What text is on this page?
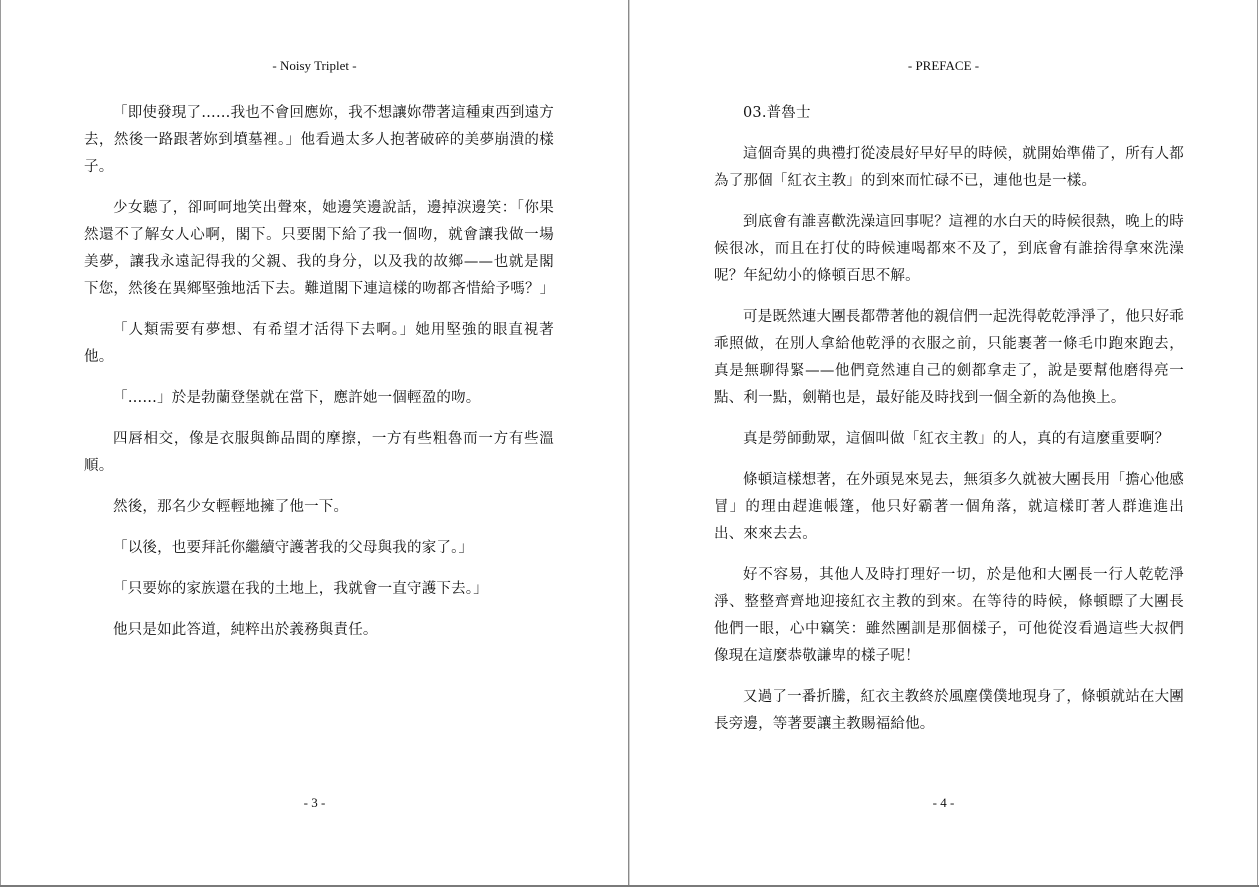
- Noisy Triplet -

「即使發現了……我也不會回應妳，我不想讓妳帶著這種東西到遠方去，然後一路跟著妳到墳墓裡。」他看過太多人抱著破碎的美夢崩潰的樣子。

少女聽了，卻呵呵地笑出聲來，她邊笑邊說話，邊掉淚邊笑：「你果然還不了解女人心啊，閣下。只要閣下給了我一個吻，就會讓我做一場美夢，讓我永遠記得我的父親、我的身分，以及我的故鄉——也就是閣下您，然後在異鄉堅強地活下去。難道閣下連這樣的吻都吝惜給予嗎？」

「人類需要有夢想、有希望才活得下去啊。」她用堅強的眼直視著他。

「……」於是勃蘭登堡就在當下，應許她一個輕盈的吻。

四唇相交，像是衣服與飾品間的摩擦，一方有些粗魯而一方有些溫順。

然後，那名少女輕輕地擁了他一下。

「以後，也要拜託你繼續守護著我的父母與我的家了。」

「只要妳的家族還在我的土地上，我就會一直守護下去。」

他只是如此答道，純粹出於義務與責任。

- 3 -
- PREFACE -

03.普魯士

這個奇異的典禮打從凌晨好早好早的時候，就開始準備了，所有人都為了那個「紅衣主教」的到來而忙碌不已，連他也是一樣。

到底會有誰喜歡洗澡這回事呢？這裡的水白天的時候很熱，晚上的時候很冰，而且在打仗的時候連喝都來不及了，到底會有誰捨得拿來洗澡呢？年紀幼小的條頓百思不解。

可是既然連大團長都帶著他的親信們一起洗得乾乾淨淨了，他只好乖乖照做，在別人拿給他乾淨的衣服之前，只能裹著一條毛巾跑來跑去，真是無聊得緊——他們竟然連自己的劍都拿走了，說是要幫他磨得亮一點、利一點，劍鞘也是，最好能及時找到一個全新的為他換上。

真是勞師動眾，這個叫做「紅衣主教」的人，真的有這麼重要啊？

條頓這樣想著，在外頭晃來晃去，無須多久就被大團長用「擔心他感冒」的理由趕進帳篷，他只好霸著一個角落，就這樣盯著人群進進出出、來來去去。

好不容易，其他人及時打理好一切，於是他和大團長一行人乾乾淨淨、整整齊齊地迎接紅衣主教的到來。在等待的時候，條頓瞟了大團長他們一眼，心中竊笑：雖然團訓是那個樣子，可他從沒看過這些大叔們像現在這麼恭敬謙卑的樣子呢！

又過了一番折騰，紅衣主教終於風塵僕僕地現身了，條頓就站在大團長旁邊，等著要讓主教賜福給他。

- 4 -
